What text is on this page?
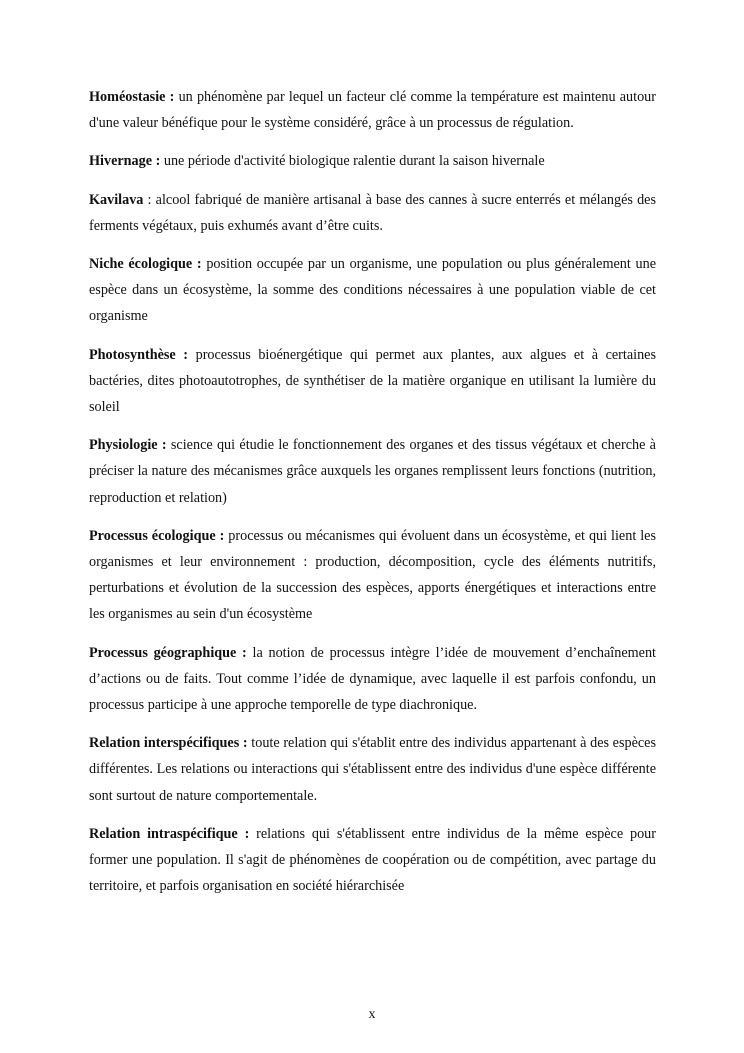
Homéostasie : un phénomène par lequel un facteur clé comme la température est maintenu autour d'une valeur bénéfique pour le système considéré, grâce à un processus de régulation.

Hivernage : une période d'activité biologique ralentie durant la saison hivernale

Kavilava : alcool fabriqué de manière artisanal à base des cannes à sucre enterrés et mélangés des ferments végétaux, puis exhumés avant d’être cuits.

Niche écologique : position occupée par un organisme, une population ou plus généralement une espèce dans un écosystème, la somme des conditions nécessaires à une population viable de cet organisme

Photosynthèse : processus bioénergétique qui permet aux plantes, aux algues et à certaines bactéries, dites photoautotrophes, de synthétiser de la matière organique en utilisant la lumière du soleil

Physiologie : science qui étudie le fonctionnement des organes et des tissus végétaux et cherche à préciser la nature des mécanismes grâce auxquels les organes remplissent leurs fonctions (nutrition, reproduction et relation)

Processus écologique : processus ou mécanismes qui évoluent dans un écosystème, et qui lient les organismes et leur environnement : production, décomposition, cycle des éléments nutritifs, perturbations et évolution de la succession des espèces, apports énergétiques et interactions entre les organismes au sein d'un écosystème

Processus géographique : la notion de processus intègre l’idée de mouvement d’enchaînement d’actions ou de faits. Tout comme l’idée de dynamique, avec laquelle il est parfois confondu, un processus participe à une approche temporelle de type diachronique.

Relation interspécifiques : toute relation qui s'établit entre des individus appartenant à des espèces différentes. Les relations ou interactions qui s'établissent entre des individus d'une espèce différente sont surtout de nature comportementale.

Relation intraspécifique : relations qui s'établissent entre individus de la même espèce pour former une population. Il s'agit de phénomènes de coopération ou de compétition, avec partage du territoire, et parfois organisation en société hiérarchisée

x
